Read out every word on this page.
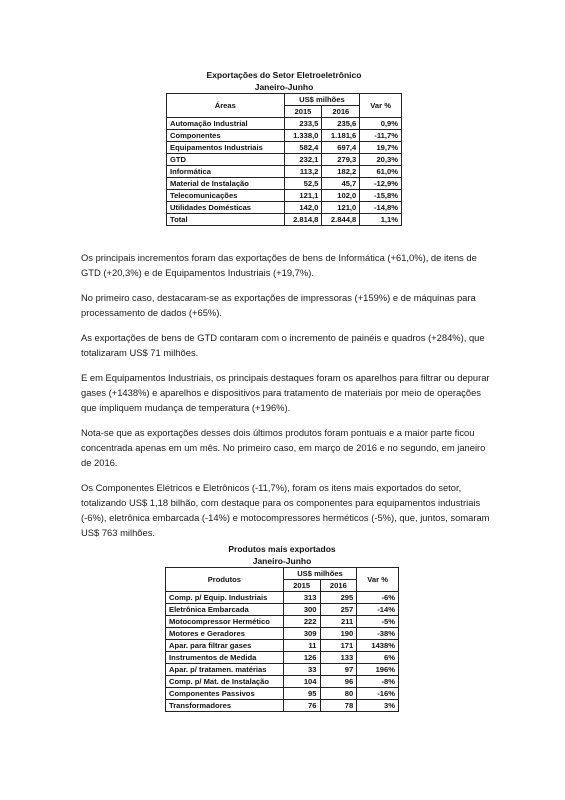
Exportações do Setor Eletroeletrônico
Janeiro-Junho
Áreas	US$ milhões		Var %
	2015	2016	
Automação Industrial	233,5	235,6	0,9%
Componentes	1.338,0	1.181,6	-11,7%
Equipamentos Industriais	582,4	697,4	19,7%
GTD	232,1	279,3	20,3%
Informática	113,2	182,2	61,0%
Material de Instalação	52,5	45,7	-12,9%
Telecomunicações	121,1	102,0	-15,8%
Utilidades Domésticas	142,0	121,0	-14,8%
Total	2.814,8	2.844,8	1,1%

Os principais incrementos foram das exportações de bens de Informática (+61,0%), de itens de GTD (+20,3%) e de Equipamentos Industriais (+19,7%).

No primeiro caso, destacaram-se as exportações de impressoras (+159%) e de máquinas para processamento de dados (+65%).

As exportações de bens de GTD contaram com o incremento de painéis e quadros (+284%), que totalizaram US$ 71 milhões.

E em Equipamentos Industriais, os principais destaques foram os aparelhos para filtrar ou depurar gases (+1438%) e aparelhos e dispositivos para tratamento de materiais por meio de operações que impliquem mudança de temperatura (+196%).

Nota-se que as exportações desses dois últimos produtos foram pontuais e a maior parte ficou concentrada apenas em um mês. No primeiro caso, em março de 2016 e no segundo, em janeiro de 2016.

Os Componentes Elétricos e Eletrônicos (-11,7%), foram os itens mais exportados do setor, totalizando US$ 1,18 bilhão, com destaque para os componentes para equipamentos industriais (-6%), eletrônica embarcada (-14%) e motocompressores herméticos (-5%), que, juntos, somaram US$ 763 milhões.

Produtos mais exportados
Janeiro-Junho
Produtos	US$ milhões		Var %
	2015	2016	
Comp. p/ Equip. Industriais	313	295	-6%
Eletrônica Embarcada	300	257	-14%
Motocompressor Hermético	222	211	-5%
Motores e Geradores	309	190	-38%
Apar. para filtrar gases	11	171	1438%
Instrumentos de Medida	126	133	6%
Apar. p/ tratamen. matérias	33	97	196%
Comp. p/ Mat. de Instalação	104	96	-8%
Componentes Passivos	95	80	-16%
Transformadores	76	78	3%
